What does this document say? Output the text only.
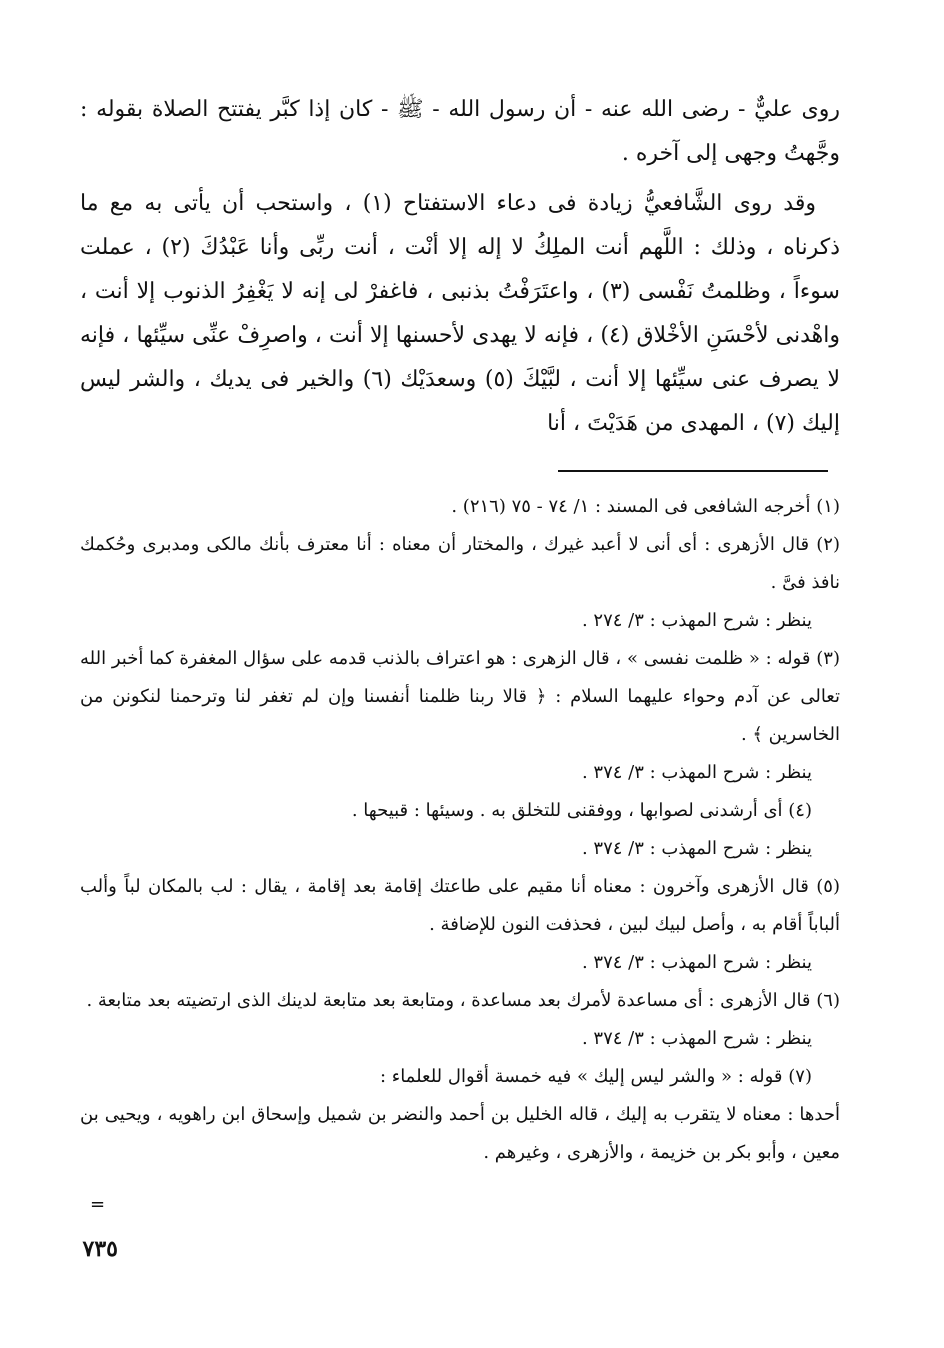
روى عليٌّ - رضى الله عنه - أن رسول الله - ﷺ - كان إذا كبَّر يفتتح الصلاة بقوله : وجَّهتُ وجهى إلى آخره .

وقد روى الشَّافعيُّ زيادة فى دعاء الاستفتاح (١) ، واستحب أن يأتى به مع ما ذكرناه ، وذلك : اللَّهم أنت الملِكُ لا إله إلا أنْت ، أنت ربِّى وأنا عَبْدُكَ (٢) ، عملت سوءاً ، وظلمتُ نَفْسى (٣) ، واعتَرَفْتُ بذنبى ، فاغفرْ لى إنه لا يَغْفِرُ الذنوب إلا أنت ، واهْدنى لأحْسَنِ الأخْلاق (٤) ، فإنه لا يهدى لأحسنها إلا أنت ، واصرِفْ عنِّى سيِّئها ، فإنه لا يصرف عنى سيِّئها إلا أنت ، لبَّيْكَ (٥) وسعدَيْك (٦) والخير فى يديك ، والشر ليس إليك (٧) ، المهدى من هَدَيْتَ ، أنا

(١) أخرجه الشافعى فى المسند : ١/ ٧٤ - ٧٥ (٢١٦) .

(٢) قال الأزهرى : أى أنى لا أعبد غيرك ، والمختار أن معناه : أنا معترف بأنك مالكى ومدبرى وحُكمك نافذ فىَّ .

ينظر : شرح المهذب : ٣/ ٢٧٤ .

(٣) قوله : « ظلمت نفسى » ، قال الزهرى : هو اعتراف بالذنب قدمه على سؤال المغفرة كما أخبر الله تعالى عن آدم وحواء عليهما السلام : ﴿ قالا ربنا ظلمنا أنفسنا وإن لم تغفر لنا وترحمنا لنكونن من الخاسرين ﴾ .

ينظر : شرح المهذب : ٣/ ٣٧٤ .

(٤) أى أرشدنى لصوابها ، ووفقنى للتخلق به . وسيئها : قبيحها .

ينظر : شرح المهذب : ٣/ ٣٧٤ .

(٥) قال الأزهرى وآخرون : معناه أنا مقيم على طاعتك إقامة بعد إقامة ، يقال : لب بالمكان لباً وألب ألباباً أقام به ، وأصل لبيك لبين ، فحذفت النون للإضافة .

ينظر : شرح المهذب : ٣/ ٣٧٤ .

(٦) قال الأزهرى : أى مساعدة لأمرك بعد مساعدة ، ومتابعة بعد متابعة لدينك الذى ارتضيته بعد متابعة .

ينظر : شرح المهذب : ٣/ ٣٧٤ .

(٧) قوله : « والشر ليس إليك » فيه خمسة أقوال للعلماء :

أحدها : معناه لا يتقرب به إليك ، قاله الخليل بن أحمد والنضر بن شميل وإسحاق ابن راهويه ، ويحيى بن معين ، وأبو بكر بن خزيمة ، والأزهرى ، وغيرهم .

=
٧٣٥
